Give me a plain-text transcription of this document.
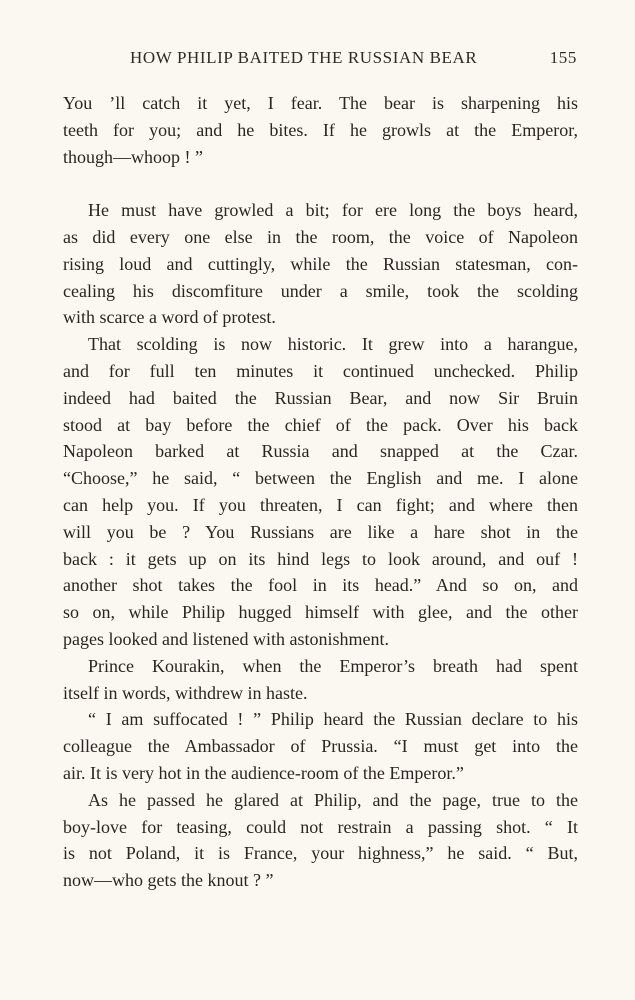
HOW PHILIP BAITED THE RUSSIAN BEAR	155
You ’ll catch it yet, I fear. The bear is sharpening his
teeth for you; and he bites. If he growls at the Emperor,
though—whoop ! ”
He must have growled a bit; for ere long the boys heard,
as did every one else in the room, the voice of Napoleon
rising loud and cuttingly, while the Russian statesman, con-
cealing his discomfiture under a smile, took the scolding
with scarce a word of protest.
That scolding is now historic. It grew into a harangue,
and for full ten minutes it continued unchecked. Philip
indeed had baited the Russian Bear, and now Sir Bruin
stood at bay before the chief of the pack. Over his back
Napoleon barked at Russia and snapped at the Czar.
“Choose,” he said, “ between the English and me. I alone
can help you. If you threaten, I can fight; and where then
will you be ? You Russians are like a hare shot in the
back : it gets up on its hind legs to look around, and ouf !
another shot takes the fool in its head.” And so on, and
so on, while Philip hugged himself with glee, and the other
pages looked and listened with astonishment.
Prince Kourakin, when the Emperor’s breath had spent
itself in words, withdrew in haste.
“ I am suffocated ! ” Philip heard the Russian declare to his
colleague the Ambassador of Prussia. “I must get into the
air. It is very hot in the audience-room of the Emperor.”
As he passed he glared at Philip, and the page, true to the
boy-love for teasing, could not restrain a passing shot. “ It
is not Poland, it is France, your highness,” he said. “ But,
now—who gets the knout ? ”
